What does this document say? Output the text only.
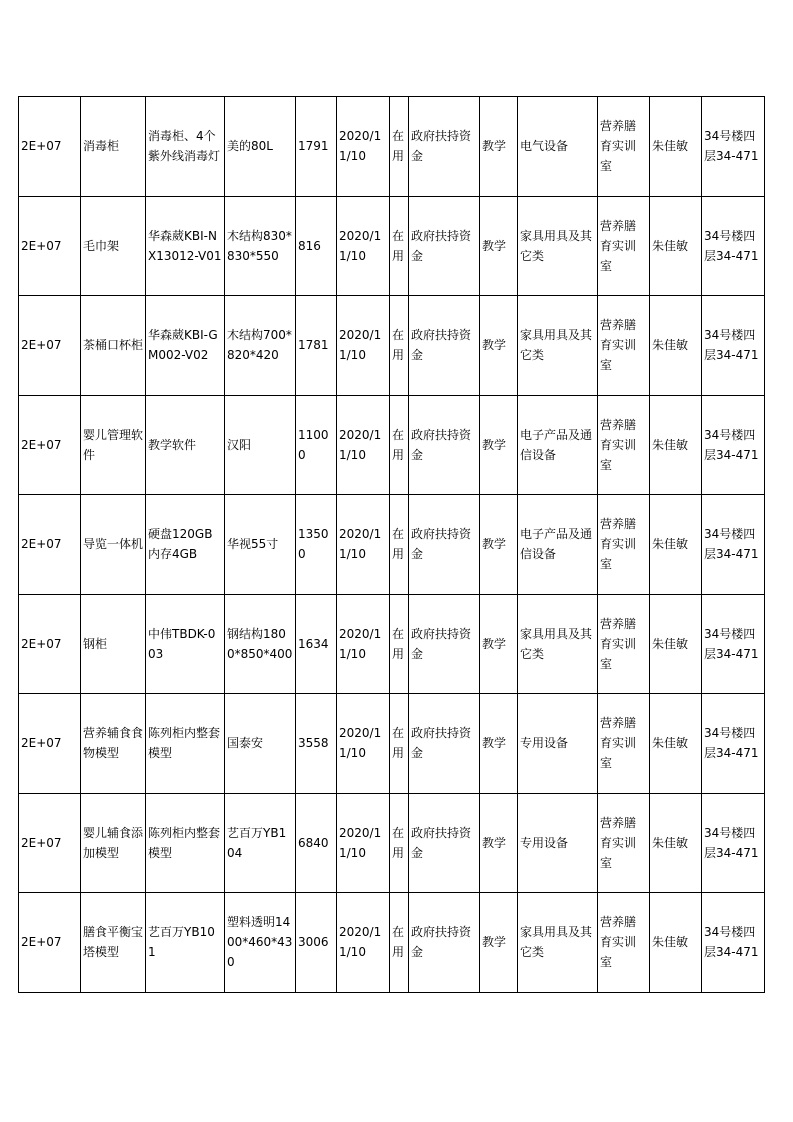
2E+07	消毒柜	消毒柜、4个紫外线消毒灯	美的80L	1791	2020/11/10	在用	政府扶持资金	教学	电气设备	营养膳育实训室	朱佳敏	34号楼四层34-471
2E+07	毛巾架	华森葳KBI-NX13012-V01	木结构830*830*550	816	2020/11/10	在用	政府扶持资金	教学	家具用具及其它类	营养膳育实训室	朱佳敏	34号楼四层34-471
2E+07	茶桶口杯柜	华森葳KBI-GM002-V02	木结构700*820*420	1781	2020/11/10	在用	政府扶持资金	教学	家具用具及其它类	营养膳育实训室	朱佳敏	34号楼四层34-471
2E+07	婴儿管理软件	教学软件	汉阳	11000	2020/11/10	在用	政府扶持资金	教学	电子产品及通信设备	营养膳育实训室	朱佳敏	34号楼四层34-471
2E+07	导览一体机	硬盘120GB内存4GB	华视55寸	13500	2020/11/10	在用	政府扶持资金	教学	电子产品及通信设备	营养膳育实训室	朱佳敏	34号楼四层34-471
2E+07	钢柜	中伟TBDK-003	钢结构1800*850*400	1634	2020/11/10	在用	政府扶持资金	教学	家具用具及其它类	营养膳育实训室	朱佳敏	34号楼四层34-471
2E+07	营养辅食食物模型	陈列柜内整套模型	国泰安	3558	2020/11/10	在用	政府扶持资金	教学	专用设备	营养膳育实训室	朱佳敏	34号楼四层34-471
2E+07	婴儿辅食添加模型	陈列柜内整套模型	艺百万YB104	6840	2020/11/10	在用	政府扶持资金	教学	专用设备	营养膳育实训室	朱佳敏	34号楼四层34-471
2E+07	膳食平衡宝塔模型	艺百万YB101	塑料透明1400*460*430	3006	2020/11/10	在用	政府扶持资金	教学	家具用具及其它类	营养膳育实训室	朱佳敏	34号楼四层34-471
